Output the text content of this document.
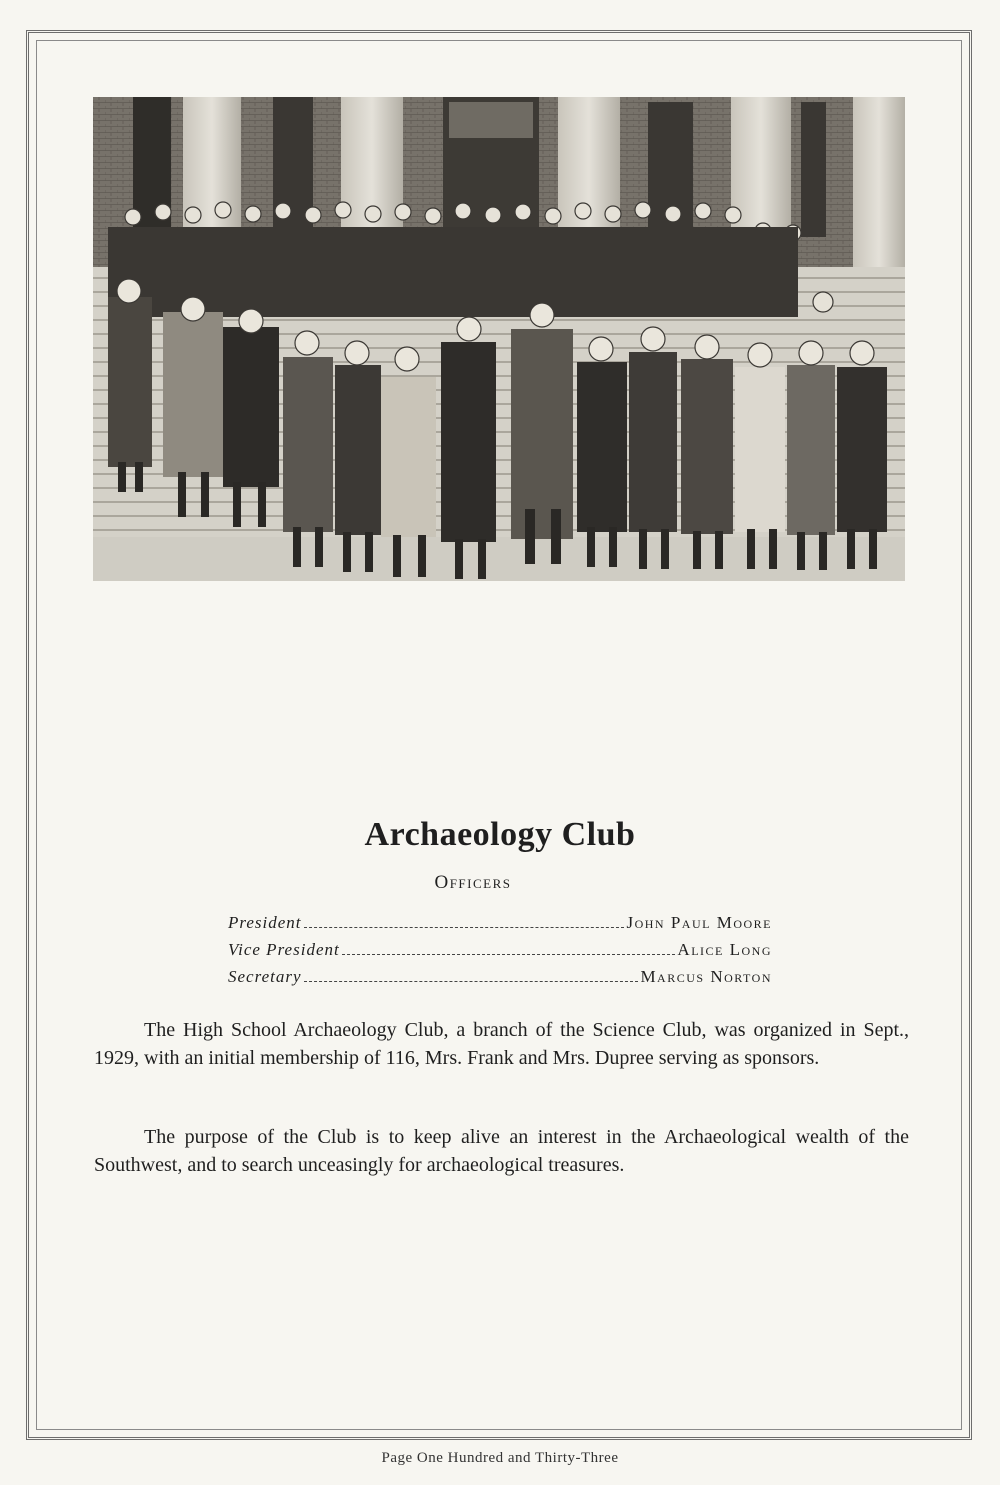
Archaeology Club
Officers
President	John Paul Moore
Vice President	Alice Long
Secretary	Marcus Norton

The High School Archaeology Club, a branch of the Science Club, was organized in Sept., 1929, with an initial membership of 116, Mrs. Frank and Mrs. Dupree serving as sponsors.

The purpose of the Club is to keep alive an interest in the Archaeological wealth of the Southwest, and to search unceasingly for archaeological treasures.

Page One Hundred and Thirty-Three
